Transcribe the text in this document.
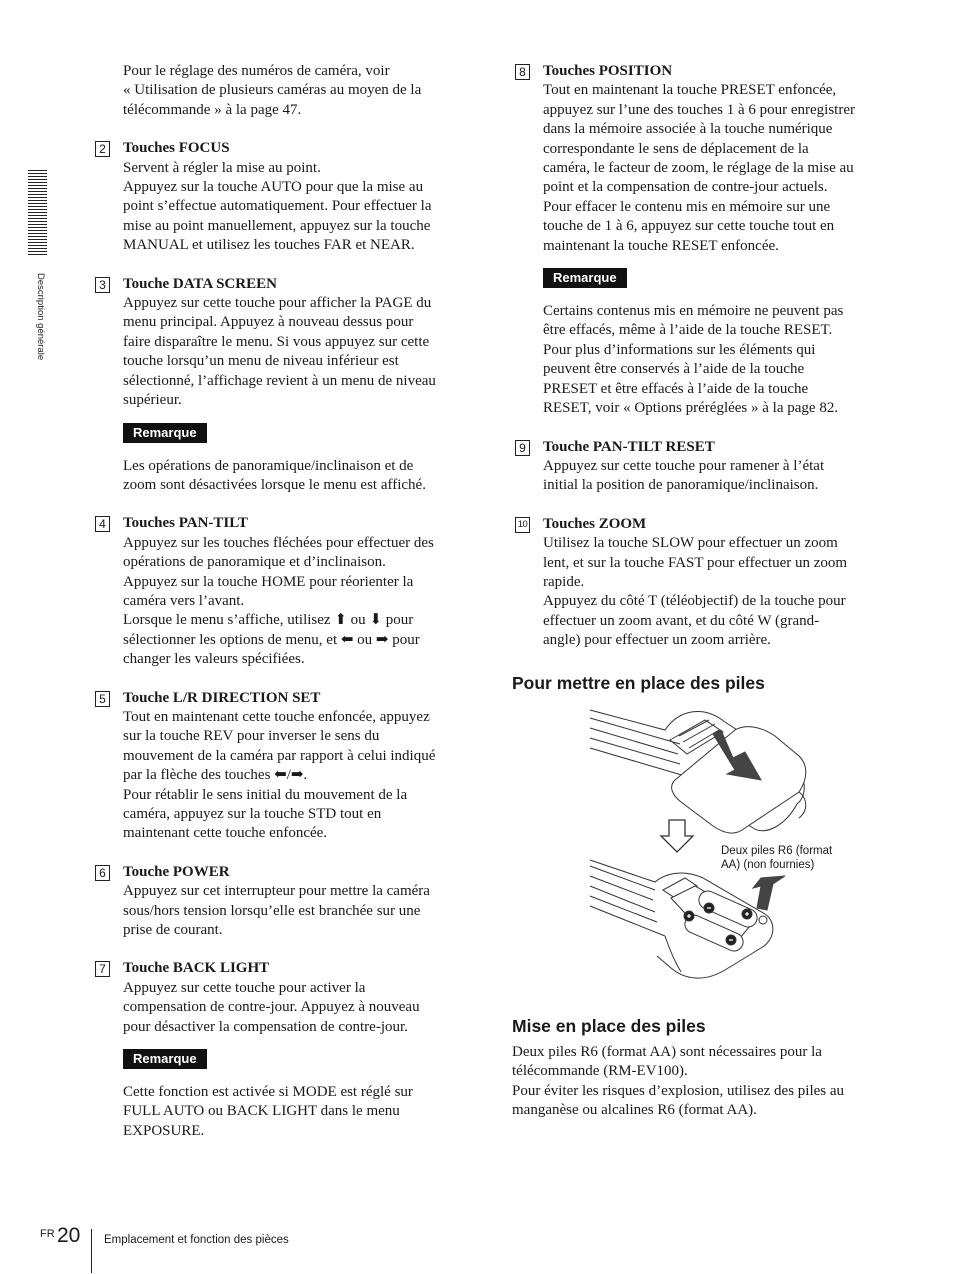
Description générale

Pour le réglage des numéros de caméra, voir
« Utilisation de plusieurs caméras au moyen de la
télécommande » à la page 47.

2 Touches FOCUS
Servent à régler la mise au point.
Appuyez sur la touche AUTO pour que la mise au
point s’effectue automatiquement. Pour effectuer la
mise au point manuellement, appuyez sur la touche
MANUAL et utilisez les touches FAR et NEAR.
3 Touche DATA SCREEN
Appuyez sur cette touche pour afficher la PAGE du
menu principal. Appuyez à nouveau dessus pour
faire disparaître le menu. Si vous appuyez sur cette
touche lorsqu’un menu de niveau inférieur est
sélectionné, l’affichage revient à un menu de niveau
supérieur.
Remarque
Les opérations de panoramique/inclinaison et de
zoom sont désactivées lorsque le menu est affiché.
4 Touches PAN-TILT
Appuyez sur les touches fléchées pour effectuer des
opérations de panoramique et d’inclinaison.
Appuyez sur la touche HOME pour réorienter la
caméra vers l’avant.
Lorsque le menu s’affiche, utilisez ⬆ ou ⬇ pour
sélectionner les options de menu, et ⬅ ou ➡ pour
changer les valeurs spécifiées.
5 Touche L/R DIRECTION SET
Tout en maintenant cette touche enfoncée, appuyez
sur la touche REV pour inverser le sens du
mouvement de la caméra par rapport à celui indiqué
par la flèche des touches ⬅/➡.
Pour rétablir le sens initial du mouvement de la
caméra, appuyez sur la touche STD tout en
maintenant cette touche enfoncée.
6 Touche POWER
Appuyez sur cet interrupteur pour mettre la caméra
sous/hors tension lorsqu’elle est branchée sur une
prise de courant.
7 Touche BACK LIGHT
Appuyez sur cette touche pour activer la
compensation de contre-jour. Appuyez à nouveau
pour désactiver la compensation de contre-jour.
Remarque
Cette fonction est activée si MODE est réglé sur
FULL AUTO ou BACK LIGHT dans le menu
EXPOSURE.
8 Touches POSITION
Tout en maintenant la touche PRESET enfoncée,
appuyez sur l’une des touches 1 à 6 pour enregistrer
dans la mémoire associée à la touche numérique
correspondante le sens de déplacement de la
caméra, le facteur de zoom, le réglage de la mise au
point et la compensation de contre-jour actuels.
Pour effacer le contenu mis en mémoire sur une
touche de 1 à 6, appuyez sur cette touche tout en
maintenant la touche RESET enfoncée.
Remarque
Certains contenus mis en mémoire ne peuvent pas
être effacés, même à l’aide de la touche RESET.
Pour plus d’informations sur les éléments qui
peuvent être conservés à l’aide de la touche
PRESET et être effacés à l’aide de la touche
RESET, voir « Options préréglées » à la page 82.
9 Touche PAN-TILT RESET
Appuyez sur cette touche pour ramener à l’état
initial la position de panoramique/inclinaison.
10 Touches ZOOM
Utilisez la touche SLOW pour effectuer un zoom
lent, et sur la touche FAST pour effectuer un zoom
rapide.
Appuyez du côté T (téléobjectif) de la touche pour
effectuer un zoom avant, et du côté W (grand-
angle) pour effectuer un zoom arrière.
Pour mettre en place des piles
Deux piles R6 (format
AA) (non fournies)
Mise en place des piles
Deux piles R6 (format AA) sont nécessaires pour la
télécommande (RM-EV100).
Pour éviter les risques d’explosion, utilisez des piles au
manganèse ou alcalines R6 (format AA).
FR 20 Emplacement et fonction des pièces
